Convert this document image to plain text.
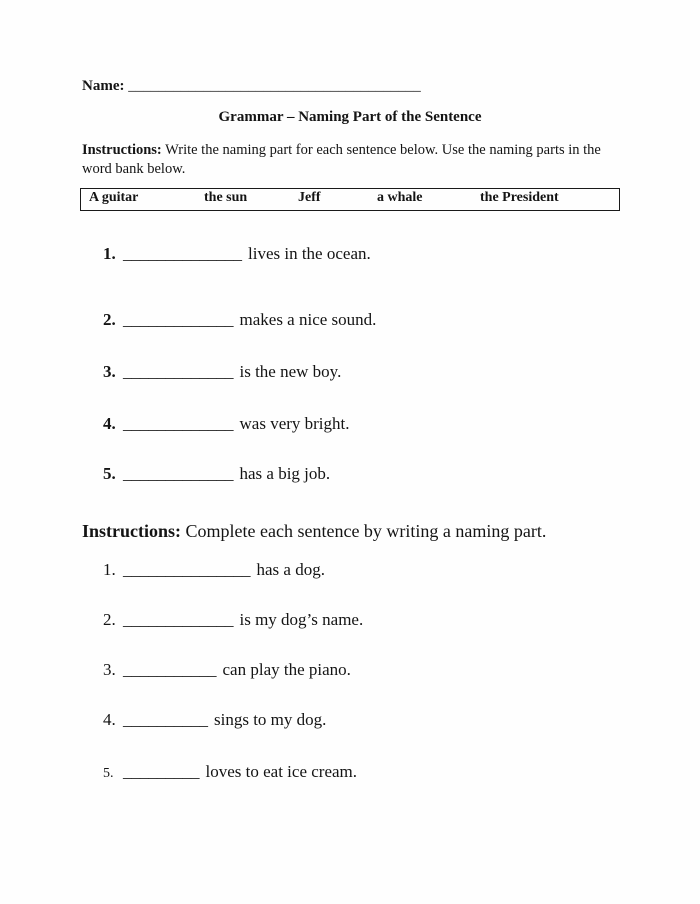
Name: _______________________________________
Grammar – Naming Part of the Sentence
Instructions: Write the naming part for each sentence below. Use the naming parts in the word bank below.
A guitar	the sun	Jeff	a whale	the President
1. ______________ lives in the ocean.
2. _____________ makes a nice sound.
3. _____________ is the new boy.
4. _____________ was very bright.
5. _____________ has a big job.
Instructions: Complete each sentence by writing a naming part.
1. _______________ has a dog.
2. _____________ is my dog’s name.
3. ___________ can play the piano.
4. __________ sings to my dog.
5. _________ loves to eat ice cream.
